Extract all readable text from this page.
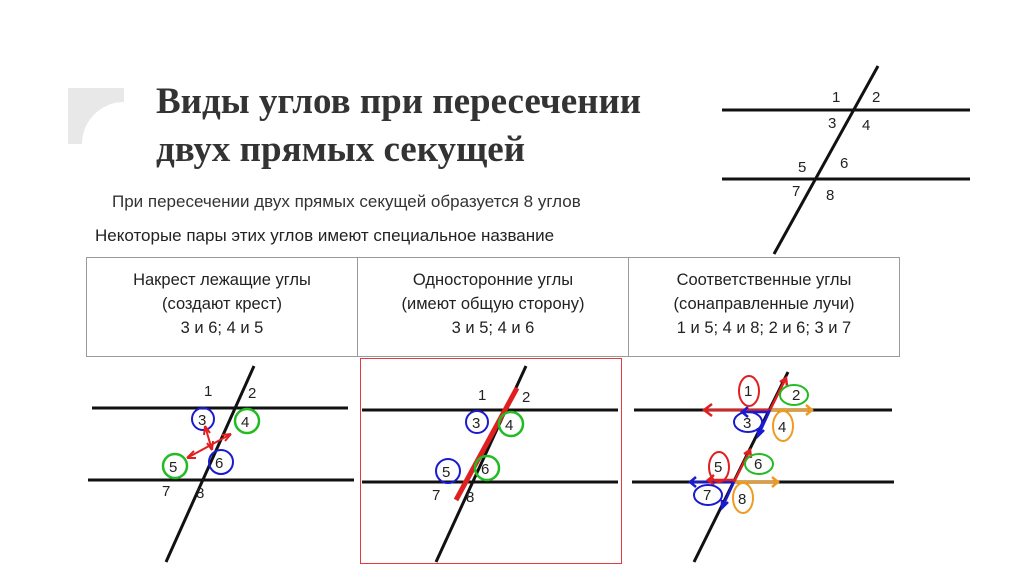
Виды углов при пересечении
двух прямых секущей
При пересечении двух прямых секущей образуется 8 углов
Некоторые пары этих углов имеют специальное название
1 2
3 4
5 6
7 8
Накрест лежащие углы
(создают крест)
3 и 6; 4 и 5

Односторонние углы
(имеют общую сторону)
3 и 5; 4 и 6

Соответственные углы
(сонаправленные лучи)
1 и 5; 4 и 8; 2 и 6; 3 и 7
1 2
3 4
5	6
7 8
1 2
3 4
5 6
7 8
1	2
3 4
5 6
7 8
